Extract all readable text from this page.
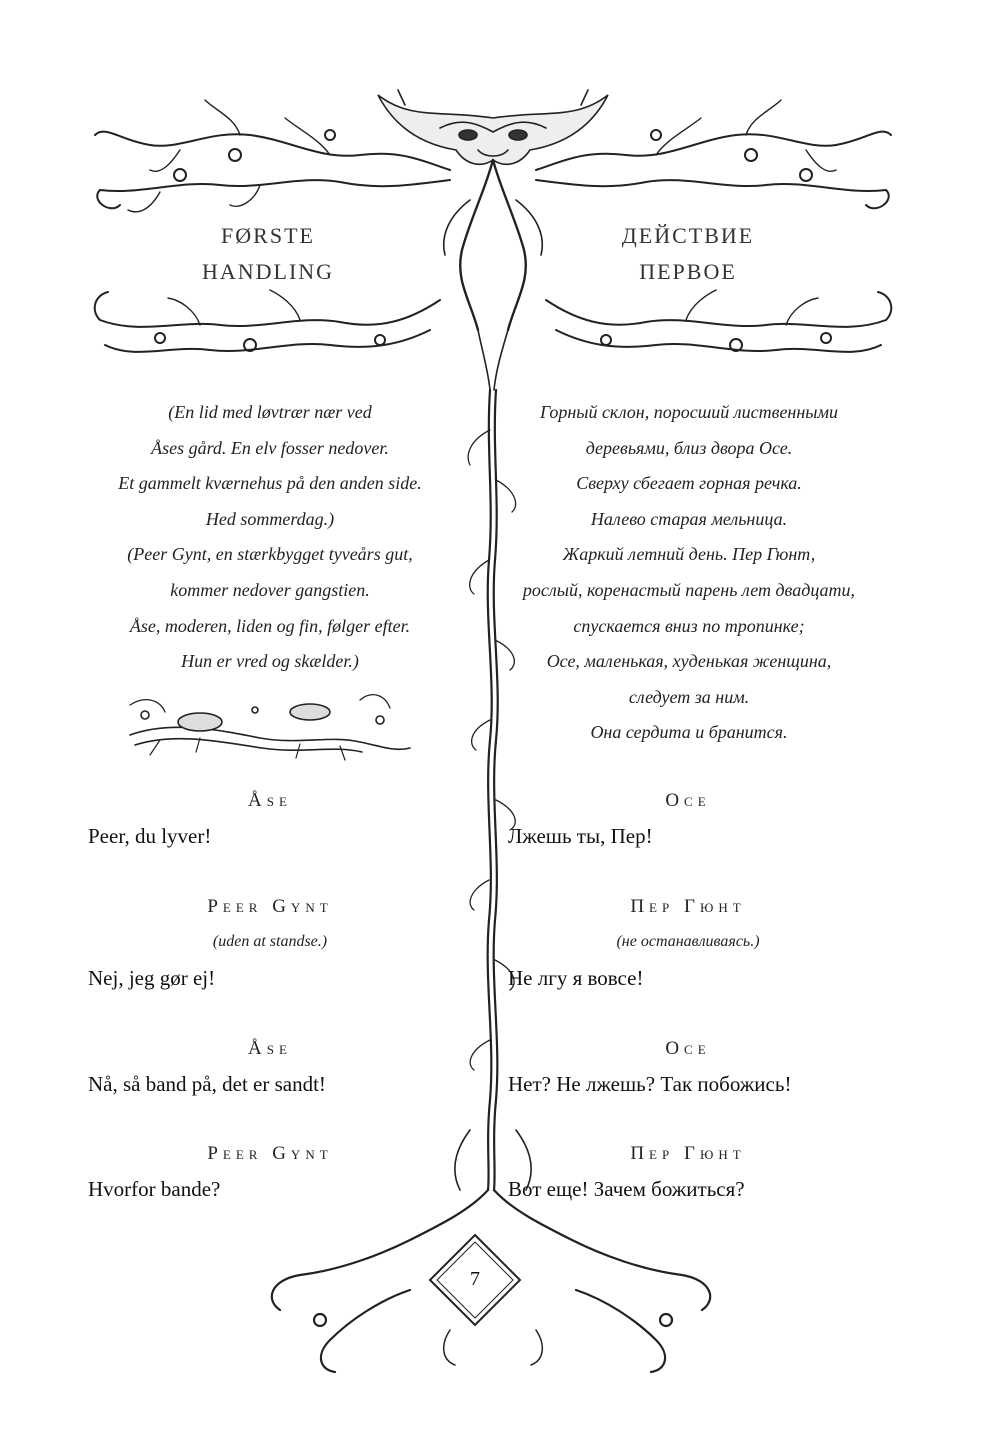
FØRSTE
HANDLING
ДЕЙСТВИЕ
ПЕРВОЕ
(En lid med løvtrær nær ved
Åses gård. En elv fosser nedover.
Et gammelt kværnehus på den anden side.
Hed sommerdag.)
(Peer Gynt, en stærkbygget tyveårs gut,
kommer nedover gangstien.
Åse, moderen, liden og fin, følger efter.
Hun er vred og skælder.)
Горный склон, поросший лиственными
деревьями, близ двора Осе.
Сверху сбегает горная речка.
Налево старая мельница.
Жаркий летний день. Пер Гюнт,
рослый, коренастый парень лет двадцати,
спускается вниз по тропинке;
Осе, маленькая, худенькая женщина,
следует за ним.
Она сердита и бранится.
Åse
Peer, du lyver!
Peer Gynt
(uden at standse.)
Nej, jeg gør ej!
Åse
Nå, så band på, det er sandt!
Peer Gynt
Hvorfor bande?
Осе
Лжешь ты, Пер!
Пер Гюнт
(не останавливаясь.)
Не лгу я вовсе!
Осе
Нет? Не лжешь? Так побожись!
Пер Гюнт
Вот еще! Зачем божиться?
7
